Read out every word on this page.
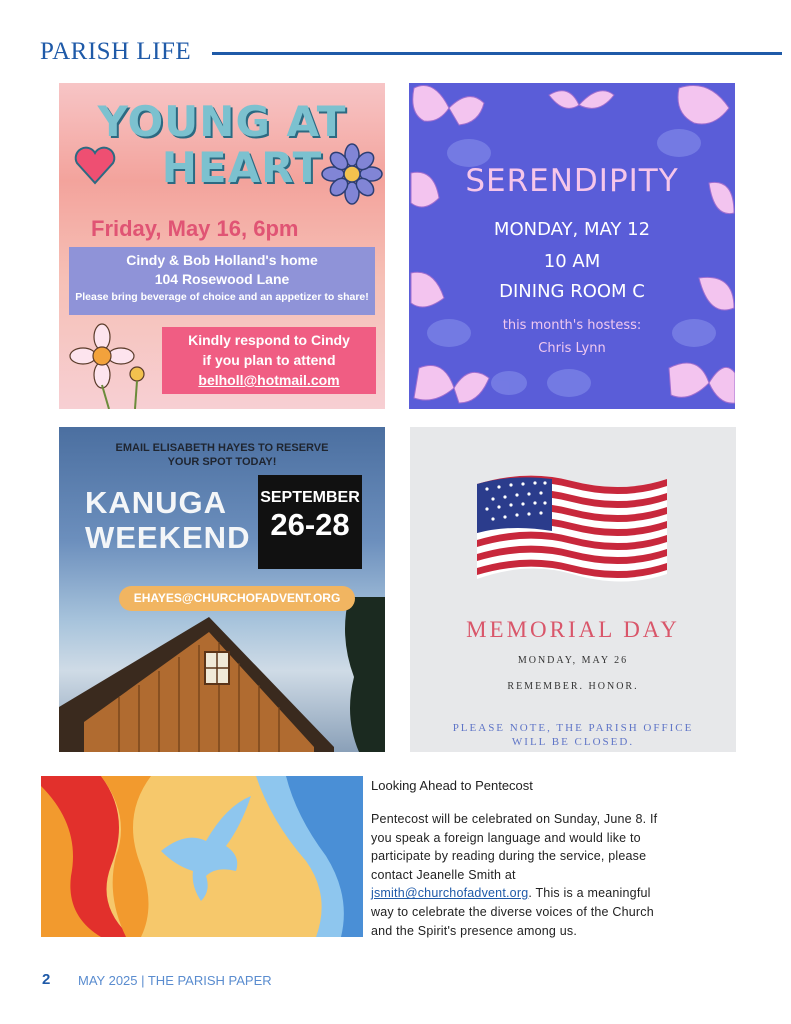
PARISH LIFE
YOUNG AT
HEART
Friday, May 16, 6pm
Cindy & Bob Holland's home
104 Rosewood Lane
Please bring beverage of choice and an appetizer to share!
Kindly respond to Cindy
if you plan to attend
belholl@hotmail.com
SERENDIPITY
MONDAY, MAY 12
10 AM
DINING ROOM C
this month's hostess:
Chris Lynn
EMAIL ELISABETH HAYES TO RESERVE
YOUR SPOT TODAY!
KANUGA
WEEKEND
SEPTEMBER
26-28
EHAYES@CHURCHOFADVENT.ORG
MEMORIAL DAY
MONDAY, MAY 26
REMEMBER. HONOR.
PLEASE NOTE, THE PARISH OFFICE
WILL BE CLOSED.
Looking Ahead to Pentecost
Pentecost will be celebrated on Sunday, June 8. If
you speak a foreign language and would like to
participate by reading during the service, please
contact Jeanelle Smith at
jsmith@churchofadvent.org. This is a meaningful
way to celebrate the diverse voices of the Church
and the Spirit's presence among us.
2 MAY 2025 | THE PARISH PAPER
